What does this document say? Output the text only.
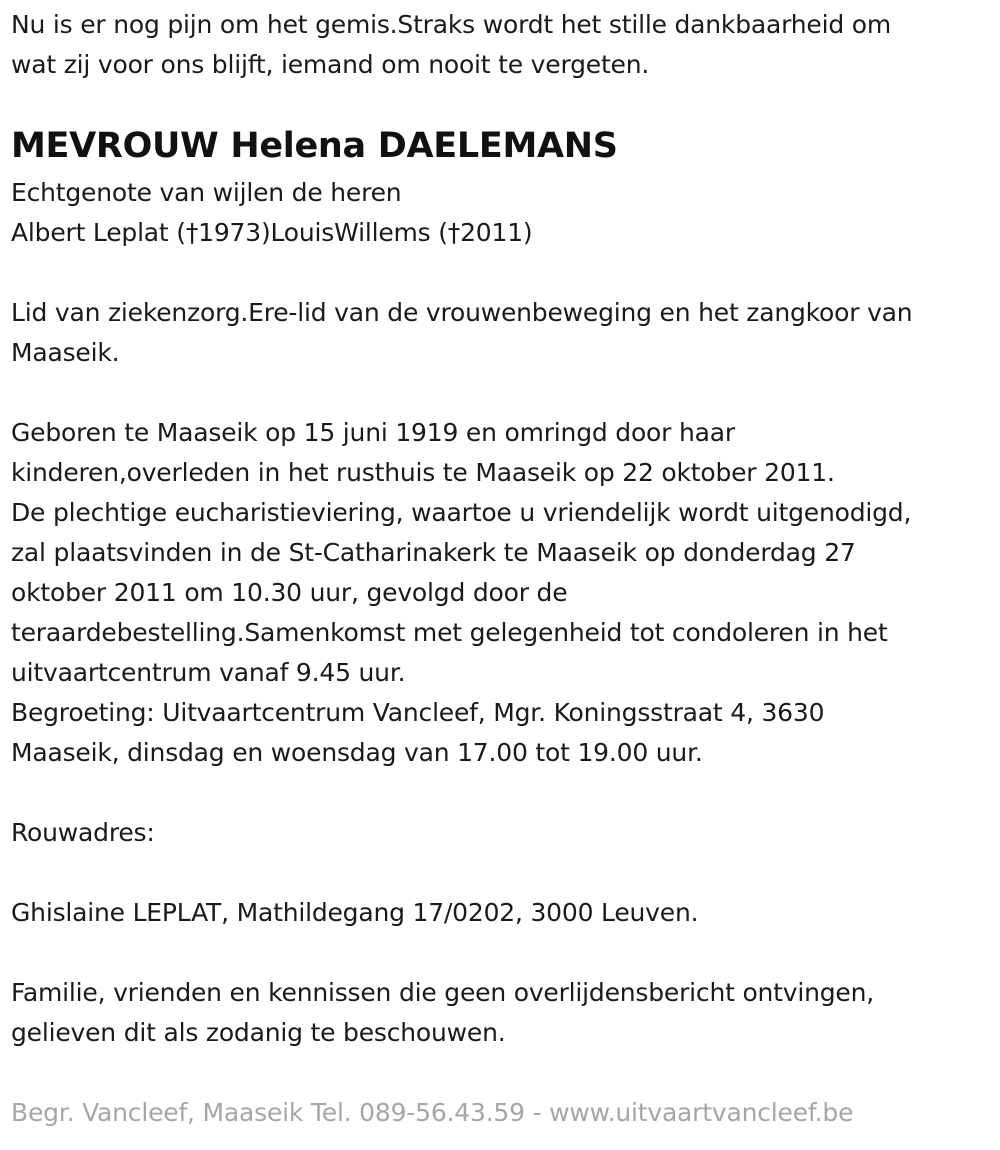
Nu is er nog pijn om het gemis.Straks wordt het stille dankbaarheid om
wat zij voor ons blijft, iemand om nooit te vergeten.
MEVROUW Helena DAELEMANS
Echtgenote van wijlen de heren
Albert Leplat (†1973)LouisWillems (†2011)
Lid van ziekenzorg.Ere-lid van de vrouwenbeweging en het zangkoor van
Maaseik.
Geboren te Maaseik op 15 juni 1919 en omringd door haar
kinderen,overleden in het rusthuis te Maaseik op 22 oktober 2011.
De plechtige eucharistieviering, waartoe u vriendelijk wordt uitgenodigd,
zal plaatsvinden in de St-Catharinakerk te Maaseik op donderdag 27
oktober 2011 om 10.30 uur, gevolgd door de
teraardebestelling.Samenkomst met gelegenheid tot condoleren in het
uitvaartcentrum vanaf 9.45 uur.
Begroeting: Uitvaartcentrum Vancleef, Mgr. Koningsstraat 4, 3630
Maaseik, dinsdag en woensdag van 17.00 tot 19.00 uur.
Rouwadres:
Ghislaine LEPLAT, Mathildegang 17/0202, 3000 Leuven.
Familie, vrienden en kennissen die geen overlijdensbericht ontvingen,
gelieven dit als zodanig te beschouwen.
Begr. Vancleef, Maaseik Tel. 089-56.43.59 - www.uitvaartvancleef.be
